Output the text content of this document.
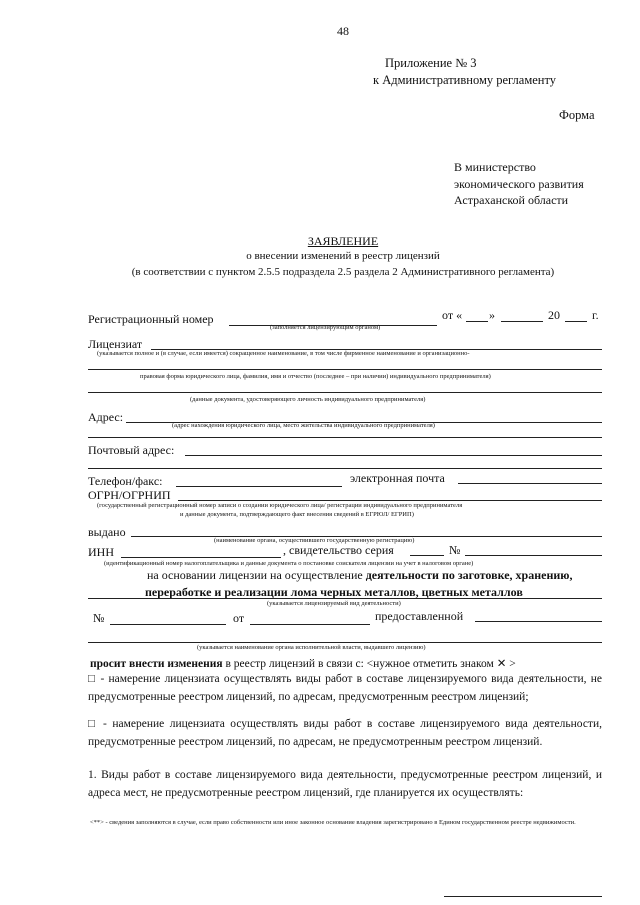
48
Приложение № 3
к Административному регламенту
Форма
В министерство
экономического развития
Астраханской области
ЗАЯВЛЕНИЕ
о внесении изменений в реестр лицензий
(в соответствии с пунктом 2.5.5 подраздела 2.5 раздела 2 Административного регламента)
Регистрационный номер	от « »	20	г.
(заполняется лицензирующим органом)
Лицензиат
(указывается полное и (в случае, если имеется) сокращенное наименование, в том числе фирменное наименование и организационно-
правовая форма юридического лица, фамилия, имя и отчество (последнее – при наличии) индивидуального предпринимателя)
(данные документа, удостоверяющего личность индивидуального предпринимателя)
Адрес:
(адрес нахождения юридического лица, место жительства индивидуального предпринимателя)
Почтовый адрес:
Телефон/факс:	электронная почта
ОГРН/ОГРНИП
(государственный регистрационный номер записи о создании юридического лица/ регистрации индивидуального предпринимателя
и данные документа, подтверждающего факт внесения сведений в ЕГРЮЛ/ ЕГРИП)
выдано
(наименование органа, осуществившего государственную регистрацию)
ИНН	, свидетельство серия	№
(идентификационный номер налогоплательщика и данные документа о постановке соискателя лицензии на учет в налоговом органе)
на основании лицензии на осуществление деятельности по заготовке, хранению,
переработке и реализации лома черных металлов, цветных металлов
(указывается лицензируемый вид деятельности)
№	от	предоставленной
(указывается наименование органа исполнительной власти, выдавшего лицензию)
просит внести изменения в реестр лицензий в связи с: <нужное отметить знаком ✕ >
□ - намерение лицензиата осуществлять виды работ в составе лицензируемого вида деятельности, не предусмотренные реестром лицензий, по адресам, предусмотренным реестром лицензий;
□ - намерение лицензиата осуществлять виды работ в составе лицензируемого вида деятельности, предусмотренные реестром лицензий, по адресам, не предусмотренным реестром лицензий.
1. Виды работ в составе лицензируемого вида деятельности, предусмотренные реестром лицензий, и адреса мест, не предусмотренные реестром лицензий, где планируется их осуществлять:
<**> - сведения заполняются в случае, если право собственности или иное законное основание владения зарегистрировано в Едином государственном реестре недвижимости.
